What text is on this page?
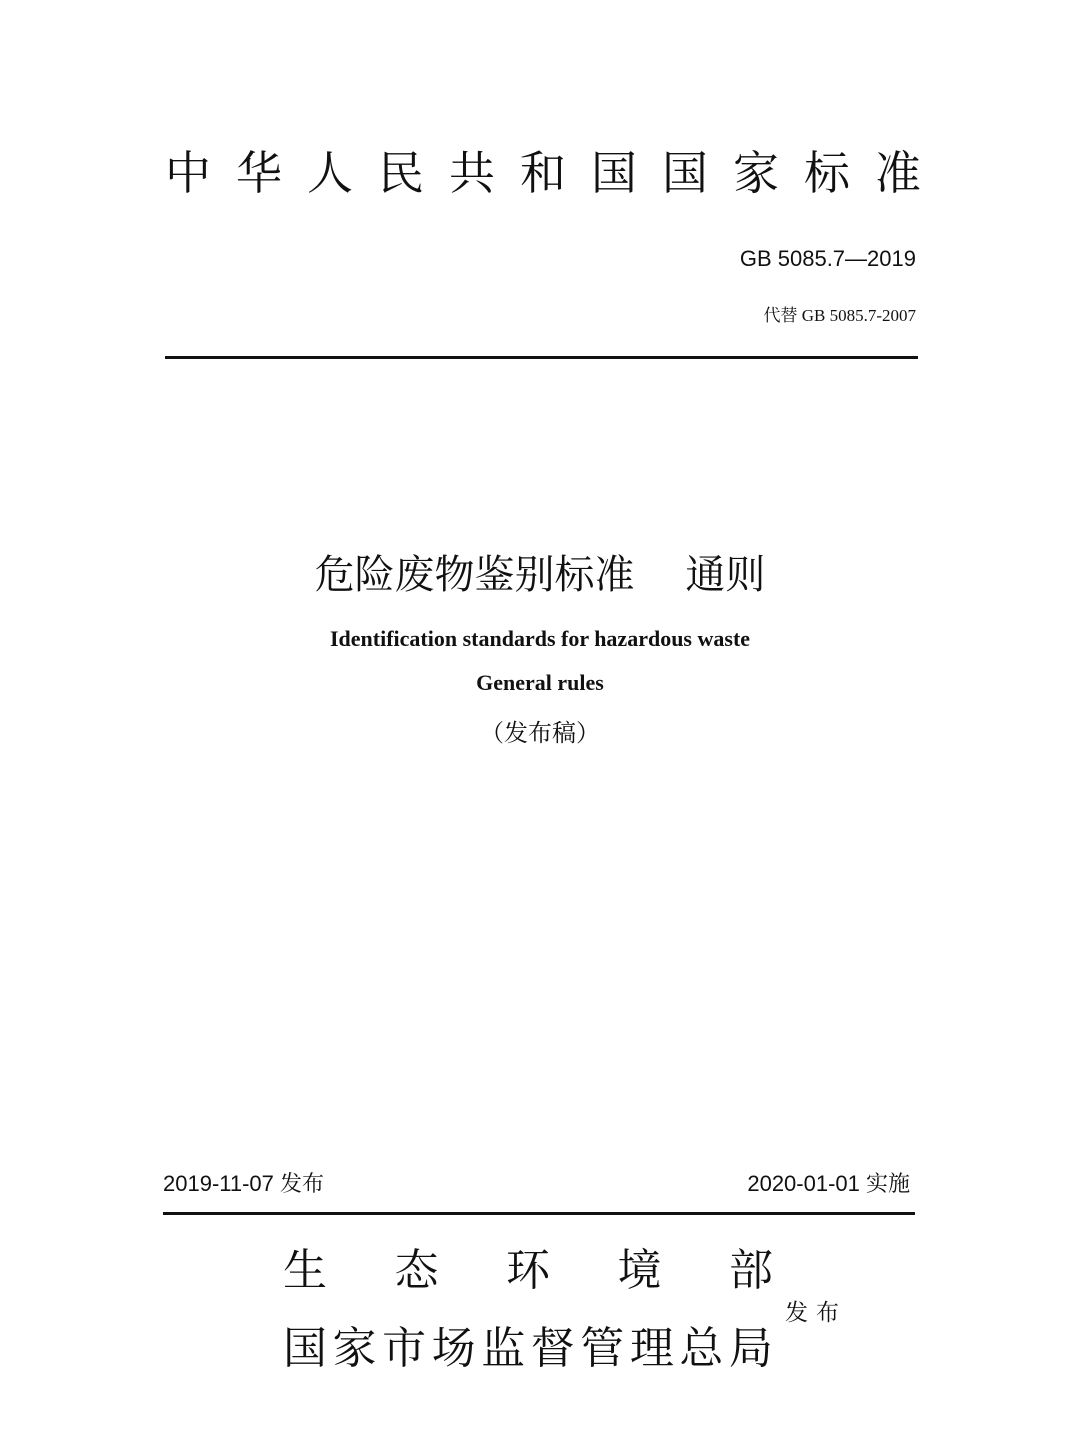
中华人民共和国国家标准
GB 5085.7—2019
代替 GB 5085.7-2007
危险废物鉴别标准    通则
Identification standards for hazardous waste
General rules
（发布稿）
2019-11-07 发布	2020-01-01 实施
生 态 环 境 部
国 家 市 场 监 督 管 理 总 局
发布
